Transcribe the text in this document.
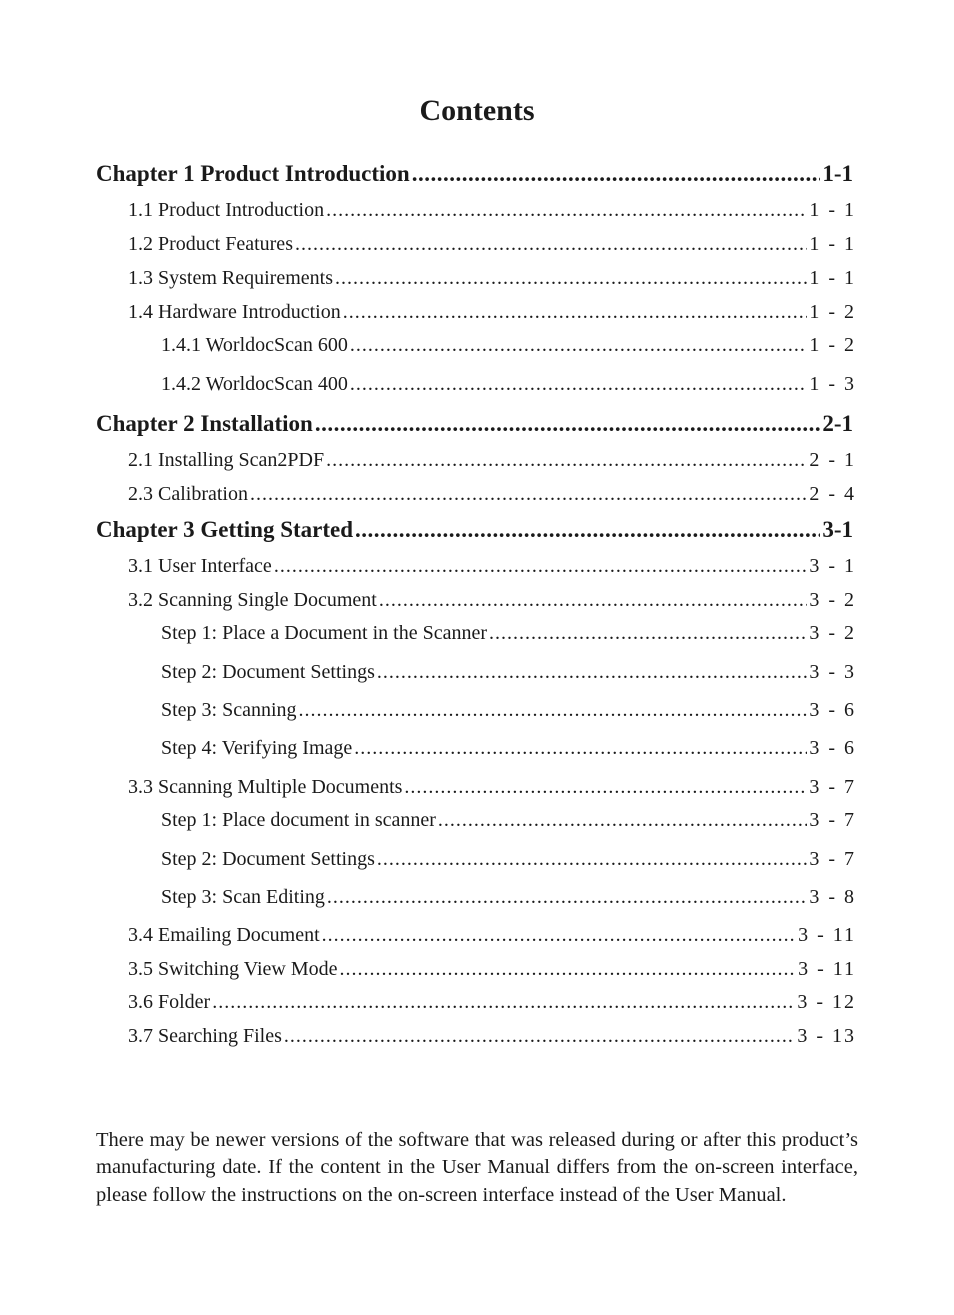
Contents
Chapter 1 Product Introduction .....	1-1
1.1 Product Introduction .....	1 - 1
1.2 Product Features .....	1 - 1
1.3 System Requirements .....	1 - 1
1.4 Hardware Introduction .....	1 - 2
1.4.1 WorldocScan 600 .....	1 - 2
1.4.2 WorldocScan 400 .....	1 - 3
Chapter 2 Installation .....	2-1
2.1 Installing Scan2PDF .....	2 - 1
2.3 Calibration .....	2 - 4
Chapter 3 Getting Started .....	3-1
3.1 User Interface .....	3 - 1
3.2 Scanning Single Document .....	3 - 2
Step 1: Place a Document in the Scanner .....	3 - 2
Step 2: Document Settings .....	3 - 3
Step 3: Scanning .....	3 - 6
Step 4: Verifying Image .....	3 - 6
3.3 Scanning Multiple Documents .....	3 - 7
Step 1: Place document in scanner .....	3 - 7
Step 2: Document Settings .....	3 - 7
Step 3: Scan Editing .....	3 - 8
3.4 Emailing Document .....	3 - 11
3.5 Switching View Mode .....	3 - 11
3.6 Folder .....	3 - 12
3.7 Searching Files .....	3 - 13

There may be newer versions of the software that was released during or after this product’s manufacturing date. If the content in the User Manual differs from the on-screen interface, please follow the instructions on the on-screen interface instead of the User Manual.
